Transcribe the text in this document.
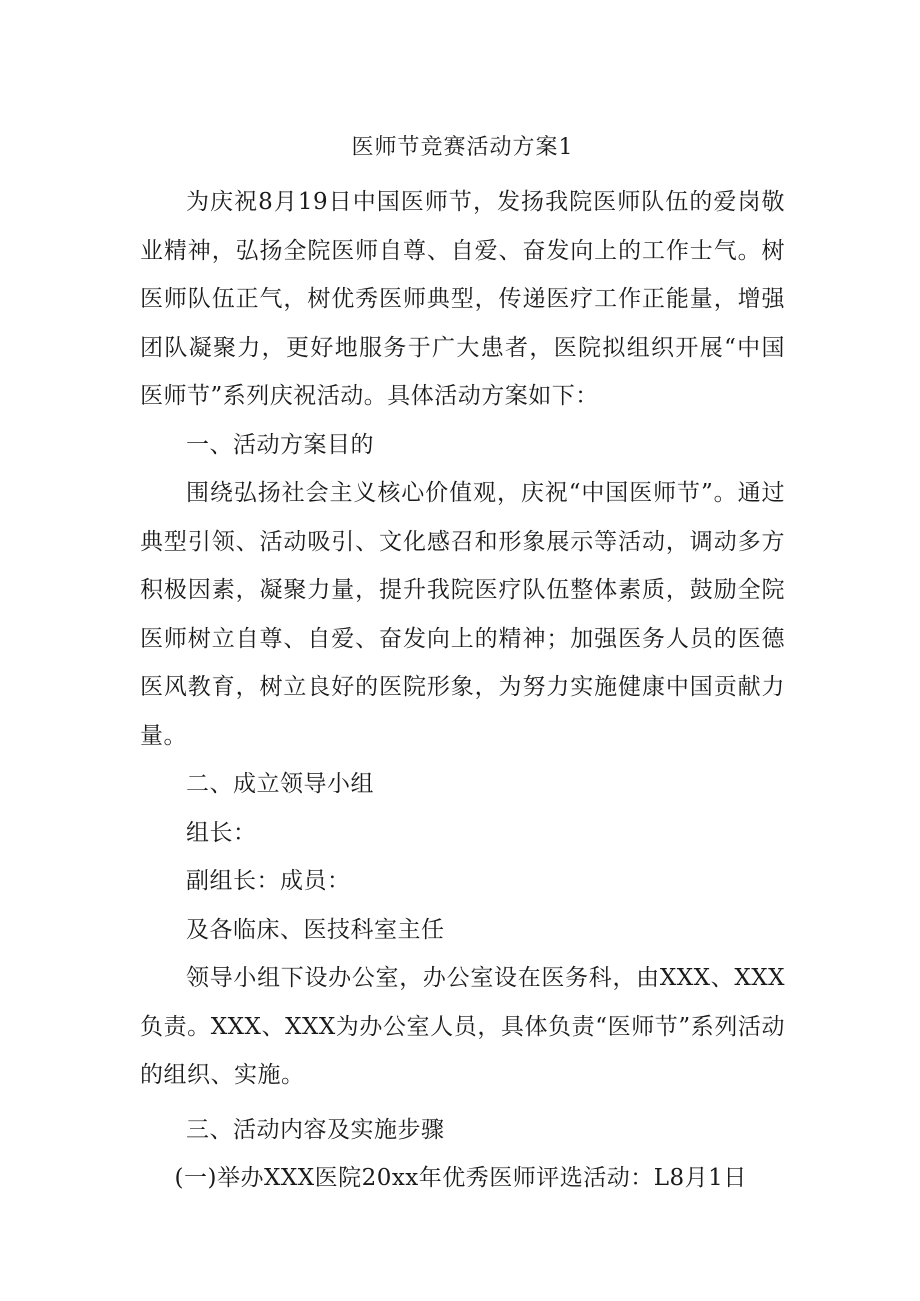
医师节竞赛活动方案1

为庆祝8月19日中国医师节，发扬我院医师队伍的爱岗敬业精神，弘扬全院医师自尊、自爱、奋发向上的工作士气。树医师队伍正气，树优秀医师典型，传递医疗工作正能量，增强团队凝聚力，更好地服务于广大患者，医院拟组织开展“中国医师节”系列庆祝活动。具体活动方案如下：

一、活动方案目的

围绕弘扬社会主义核心价值观，庆祝“中国医师节”。通过典型引领、活动吸引、文化感召和形象展示等活动，调动多方积极因素，凝聚力量，提升我院医疗队伍整体素质，鼓励全院医师树立自尊、自爱、奋发向上的精神；加强医务人员的医德医风教育，树立良好的医院形象，为努力实施健康中国贡献力量。

二、成立领导小组

组长：

副组长：成员：

及各临床、医技科室主任

领导小组下设办公室，办公室设在医务科，由XXX、XXX负责。XXX、XXX为办公室人员，具体负责“医师节”系列活动的组织、实施。

三、活动内容及实施步骤

(一)举办XXX医院20xx年优秀医师评选活动：L8月1日
